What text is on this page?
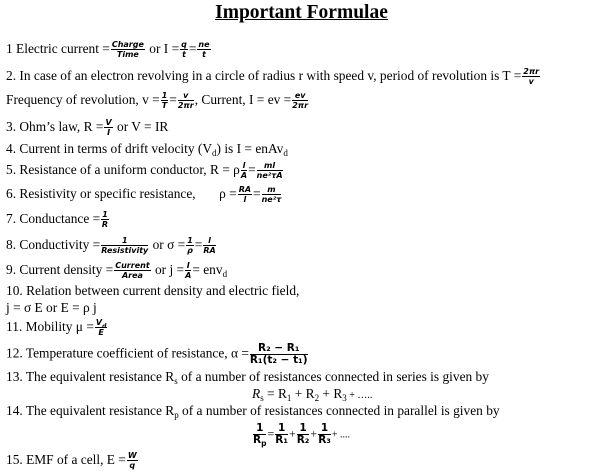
Important Formulae
1 Electric current = Charge
Time or $I = \frac{q}{t} = \frac{ne}{t}$
2. In case of an electron revolving in a circle of radius r with speed v, period of revolution is $T = \frac{2\pi r}{v}$
Frequency of revolution, $v = \frac{1}{T} = \frac{v}{2\pi r}$ , Current, I = ev = $\frac{ev}{2\pi r}$
3. Ohm’s law, $R = \frac{V}{I}$ or V = IR
4. Current in terms of drift velocity $(V_d)$ is I = enAv$_d$
5. Resistance of a uniform conductor, R = ρ $\frac{l}{A} = \frac{ml}{\text{ne²τA}}$
6. Resistivity or specific resistance, $\rho = \frac{RA}{l} = \frac{m}{\text{ne²τ}}$
7. Conductance = $\frac{1}{R}$
8. Conductivity =	1
Resistivity or $\sigma = \frac{1}{\rho} = \frac{l}{RA}$
9. Current density = Current
Area or $j = \frac{I}{A} = env_d$
10. Relation between current density and electric field,
j = σ E or E = ρ j
11. Mobility $\mu = \frac{V_d}{E}$
12. Temperature coefficient of resistance, $\alpha = \frac{\text{R₂ − R₁}}{\text{R₁(t₂ − t₁)}}$
13. The equivalent resistance $R_s$ of a number of resistances connected in series is given by
$R_s = R_1 + R_2 + R_3$ + …..
14. The equivalent resistance $R_p$ of a number of resistances connected in parallel is given by
$\frac{1}{R_p} = \frac{1}{\text{R₁}} + \frac{1}{\text{R₂}} + \frac{1}{\text{R₃}}$ + ....
15. EMF of a cell, $E = \frac{W}{q}$
